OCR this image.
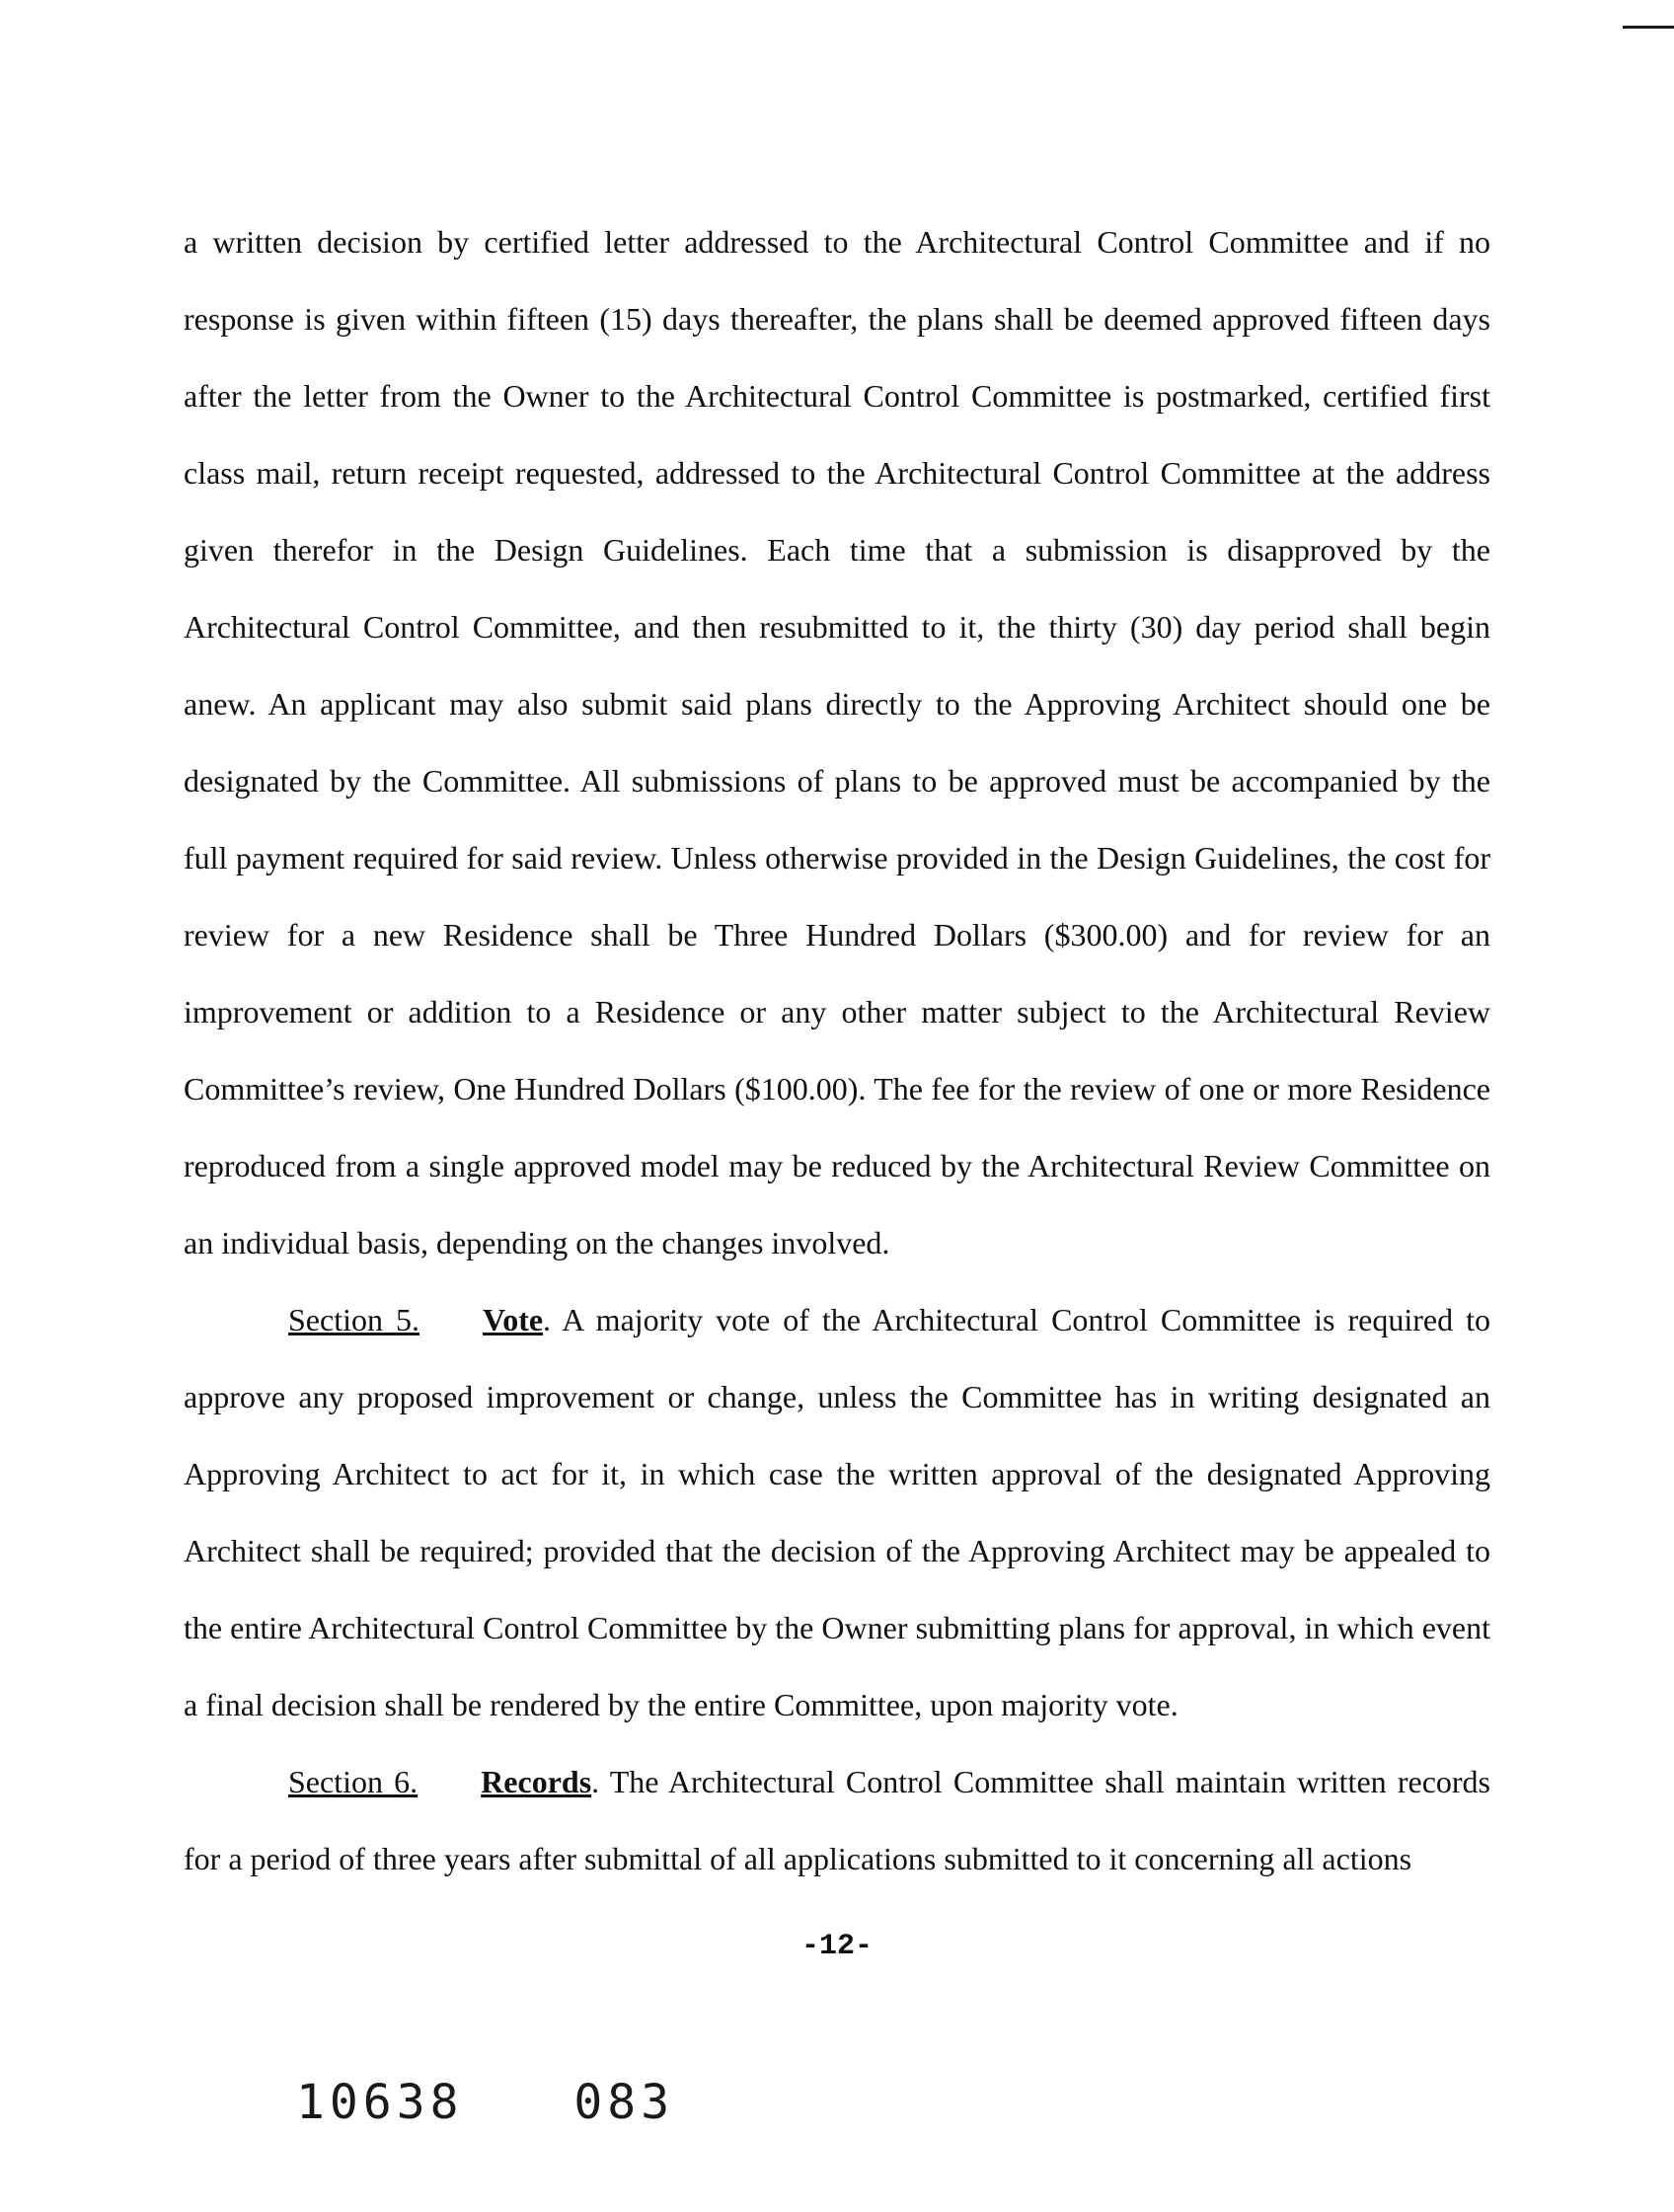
a written decision by certified letter addressed to the Architectural Control Committee and if no response is given within fifteen (15) days thereafter, the plans shall be deemed approved fifteen days after the letter from the Owner to the Architectural Control Committee is postmarked, certified first class mail, return receipt requested, addressed to the Architectural Control Committee at the address given therefor in the Design Guidelines. Each time that a submission is disapproved by the Architectural Control Committee, and then resubmitted to it, the thirty (30) day period shall begin anew. An applicant may also submit said plans directly to the Approving Architect should one be designated by the Committee. All submissions of plans to be approved must be accompanied by the full payment required for said review. Unless otherwise provided in the Design Guidelines, the cost for review for a new Residence shall be Three Hundred Dollars ($300.00) and for review for an improvement or addition to a Residence or any other matter subject to the Architectural Review Committee’s review, One Hundred Dollars ($100.00). The fee for the review of one or more Residence reproduced from a single approved model may be reduced by the Architectural Review Committee on an individual basis, depending on the changes involved.

Section 5. Vote. A majority vote of the Architectural Control Committee is required to approve any proposed improvement or change, unless the Committee has in writing designated an Approving Architect to act for it, in which case the written approval of the designated Approving Architect shall be required; provided that the decision of the Approving Architect may be appealed to the entire Architectural Control Committee by the Owner submitting plans for approval, in which event a final decision shall be rendered by the entire Committee, upon majority vote.

Section 6. Records. The Architectural Control Committee shall maintain written records for a period of three years after submittal of all applications submitted to it concerning all actions

-12-
10638 083
